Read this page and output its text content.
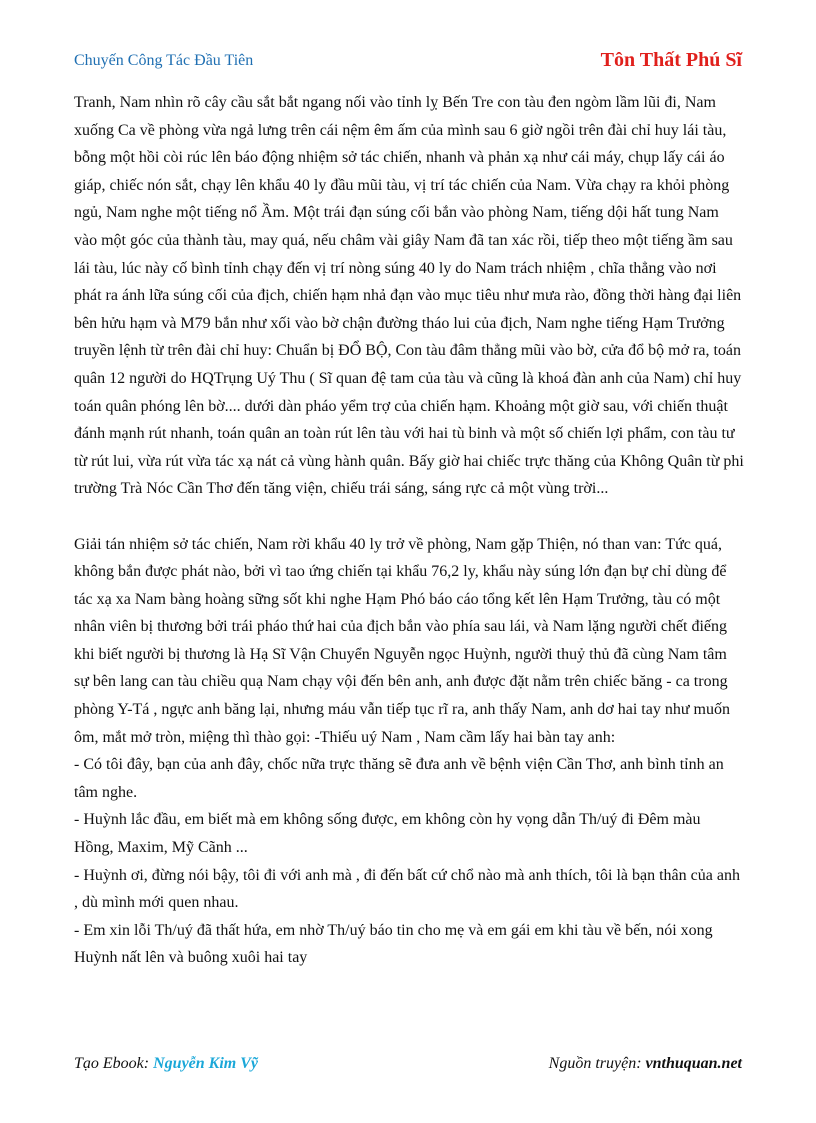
Chuyến Công Tác Đầu Tiên	Tôn Thất Phú Sĩ

Tranh, Nam nhìn rõ cây cầu sắt bắt ngang nối vào tỉnh lỵ Bến Tre con tàu đen ngòm lầm lũi đi, Nam xuống Ca về phòng vừa ngả lưng trên cái nệm êm ấm của mình sau 6 giờ ngồi trên đài chỉ huy lái tàu, bỗng một hồi còi rúc lên báo động nhiệm sở tác chiến, nhanh và phản xạ như cái máy, chụp lấy cái áo giáp, chiếc nón sắt, chạy lên khẩu 40 ly đầu mũi tàu, vị trí tác chiến của Nam. Vừa chạy ra khỏi phòng ngủ, Nam nghe một tiếng nổ Ầm. Một trái đạn súng cối bắn vào phòng Nam, tiếng dội hất tung Nam vào một góc của thành tàu, may quá, nếu châm vài giây Nam đã tan xác rồi, tiếp theo một tiếng ầm sau lái tàu, lúc này cố bình tỉnh chạy đến vị trí nòng súng 40 ly do Nam trách nhiệm , chĩa thẳng vào nơi phát ra ánh lữa súng cối của địch, chiến hạm nhả đạn vào mục tiêu như mưa rào, đồng thời hàng đại liên bên hửu hạm và M79 bắn như xối vào bờ chận đường tháo lui của địch, Nam nghe tiếng Hạm Trưởng truyền lệnh từ trên đài chỉ huy: Chuẩn bị ĐỔ BỘ, Con tàu đâm thẳng mũi vào bờ, cửa đổ bộ mở ra, toán quân 12 người do HQTrụng Uý Thu ( Sĩ quan đệ tam của tàu và cũng là khoá đàn anh của Nam) chỉ huy toán quân phóng lên bờ.... dưới dàn pháo yểm trợ của chiến hạm. Khoảng một giờ sau, với chiến thuật đánh mạnh rút nhanh, toán quân an toàn rút lên tàu với hai tù binh và một số chiến lợi phẩm, con tàu tư từ rút lui, vừa rút vừa tác xạ nát cả vùng hành quân. Bấy giờ hai chiếc trực thăng của Không Quân từ phi trường Trà Nóc Cần Thơ đến tăng viện, chiếu trái sáng, sáng rực cả một vùng trời...

Giải tán nhiệm sở tác chiến, Nam rời khẩu 40 ly trở về phòng, Nam gặp Thiện, nó than van: Tức quá, không bắn được phát nào, bởi vì tao ứng chiến tại khẩu 76,2 ly, khẩu này súng lớn đạn bự chỉ dùng để tác xạ xa Nam bàng hoàng sững sốt khi nghe Hạm Phó báo cáo tổng kết lên Hạm Trưởng, tàu có một nhân viên bị thương bởi trái pháo thứ hai của địch bắn vào phía sau lái, và Nam lặng người chết điếng khi biết người bị thương là Hạ Sĩ Vận Chuyển Nguyễn ngọc Huỳnh, người thuỷ thủ đã cùng Nam tâm sự bên lang can tàu chiều quạ Nam chạy vội đến bên anh, anh được đặt nằm trên chiếc băng - ca trong phòng Y-Tá , ngực anh băng lại, nhưng máu vẫn tiếp tục rĩ ra, anh thấy Nam, anh dơ hai tay như muốn ôm, mắt mở tròn, miệng thì thào gọi: -Thiếu uý Nam , Nam cầm lấy hai bàn tay anh:

- Có tôi đây, bạn của anh đây, chốc nữa trực thăng sẽ đưa anh về bệnh viện Cần Thơ, anh bình tỉnh an tâm nghe.

- Huỳnh lắc đầu, em biết mà em không sống được, em không còn hy vọng dẫn Th/uý đi Đêm màu Hồng, Maxim, Mỹ Cãnh ...

- Huỳnh ơi, đừng nói bậy, tôi đi với anh mà , đi đến bất cứ chổ nào mà anh thích, tôi là bạn thân của anh , dù mình mới quen nhau.

- Em xin lỗi Th/uý đã thất hứa, em nhờ Th/uý báo tin cho mẹ và em gái em khi tàu về bến, nói xong Huỳnh nất lên và buông xuôi hai tay

Tạo Ebook: Nguyễn Kim Vỹ	Nguồn truyện: vnthuquan.net
